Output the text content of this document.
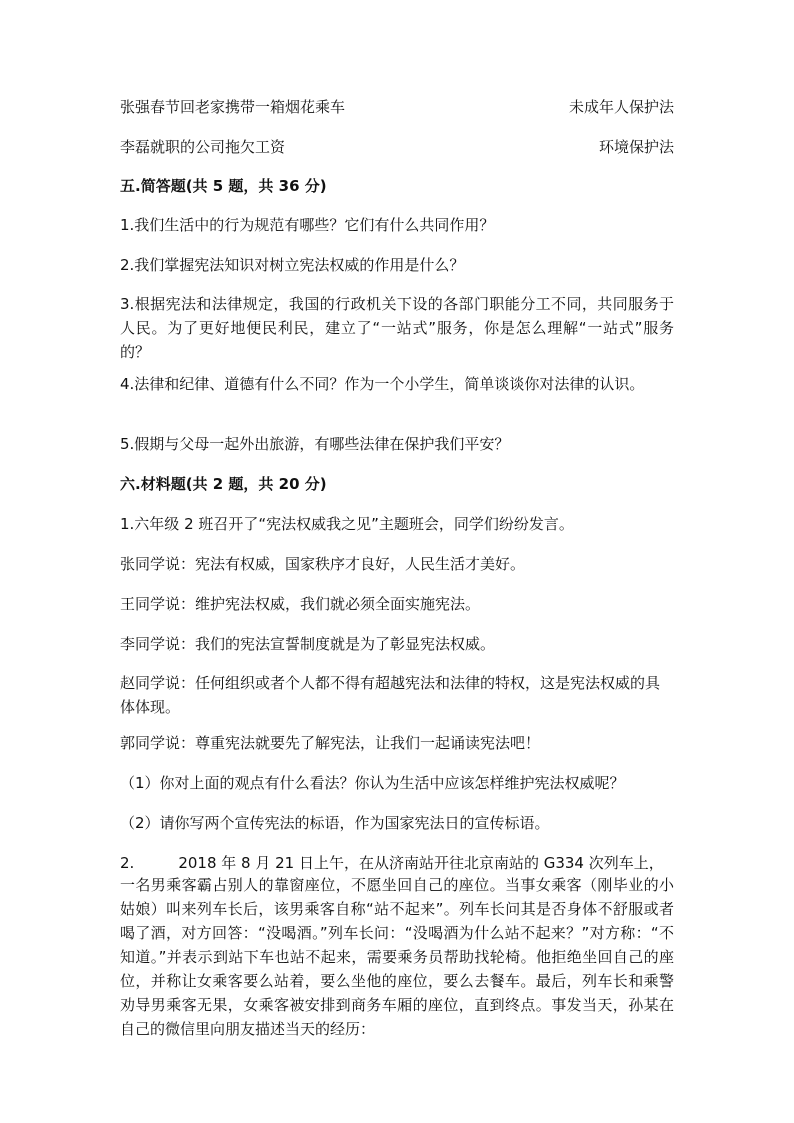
张强春节回老家携带一箱烟花乘车	未成年人保护法
李磊就职的公司拖欠工资	环境保护法
五.简答题(共 5 题，共 36 分)
1.我们生活中的行为规范有哪些？它们有什么共同作用？
2.我们掌握宪法知识对树立宪法权威的作用是什么？
3.根据宪法和法律规定，我国的行政机关下设的各部门职能分工不同，共同服务于人民。为了更好地便民利民，建立了“一站式”服务，你是怎么理解“一站式”服务的？
4.法律和纪律、道德有什么不同？作为一个小学生，简单谈谈你对法律的认识。
5.假期与父母一起外出旅游，有哪些法律在保护我们平安？
六.材料题(共 2 题，共 20 分)
1.六年级 2 班召开了“宪法权威我之见”主题班会，同学们纷纷发言。
张同学说：宪法有权威，国家秩序才良好，人民生活才美好。
王同学说：维护宪法权威，我们就必须全面实施宪法。
李同学说：我们的宪法宣誓制度就是为了彰显宪法权威。
赵同学说：任何组织或者个人都不得有超越宪法和法律的特权，这是宪法权威的具体体现。
郭同学说：尊重宪法就要先了解宪法，让我们一起诵读宪法吧！
（1）你对上面的观点有什么看法？你认为生活中应该怎样维护宪法权威呢？
（2）请你写两个宣传宪法的标语，作为国家宪法日的宣传标语。
2.	2018 年 8 月 21 日上午，在从济南站开往北京南站的 G334 次列车上，
一名男乘客霸占别人的靠窗座位，不愿坐回自己的座位。当事女乘客（刚毕业的小姑娘）叫来列车长后，该男乘客自称“站不起来”。列车长问其是否身体不舒服或者喝了酒，对方回答：“没喝酒。”列车长问：“没喝酒为什么站不起来？”对方称：“不知道。”并表示到站下车也站不起来，需要乘务员帮助找轮椅。他拒绝坐回自己的座位，并称让女乘客要么站着，要么坐他的座位，要么去餐车。最后，列车长和乘警劝导男乘客无果，女乘客被安排到商务车厢的座位，直到终点。事发当天，孙某在自己的微信里向朋友描述当天的经历：
